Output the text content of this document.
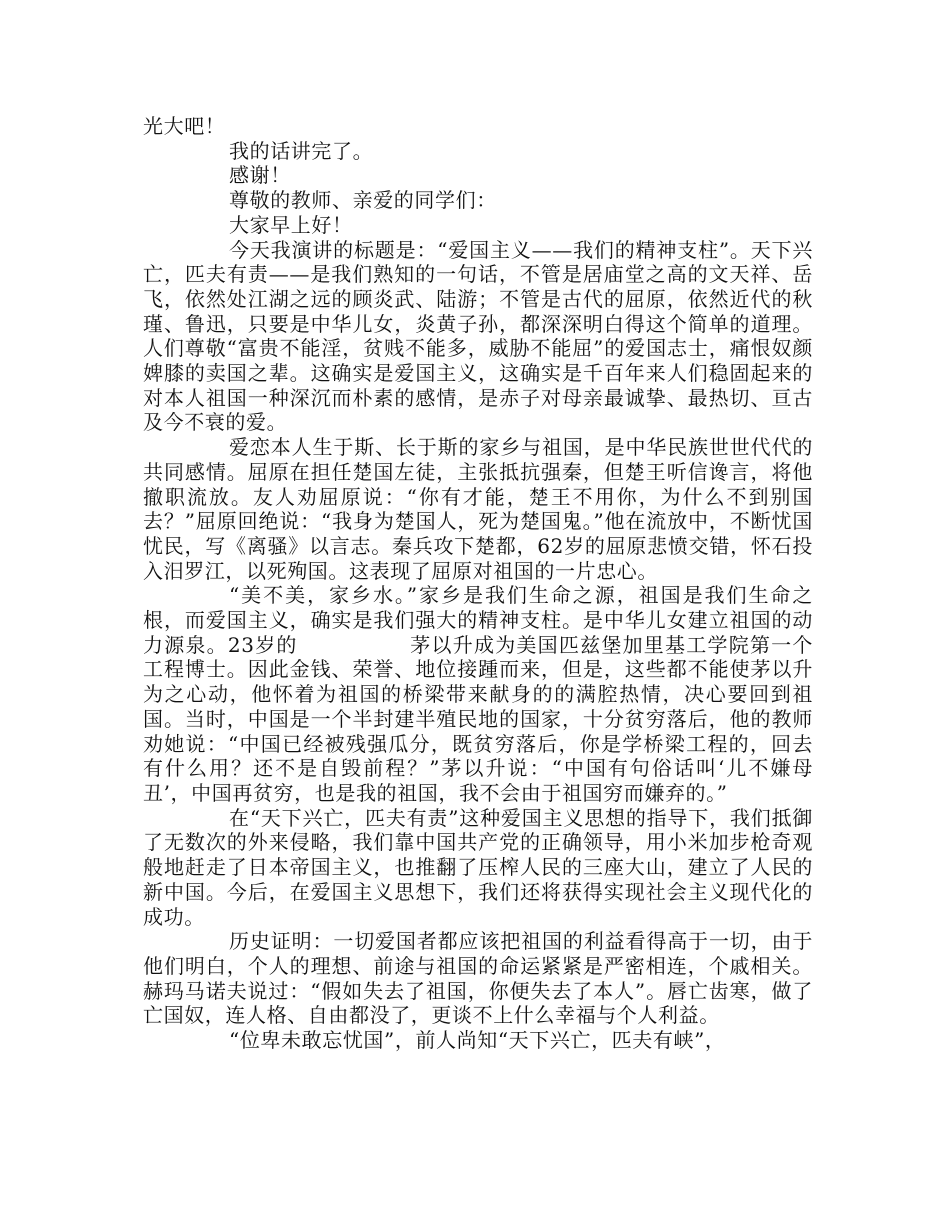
光大吧！

我的话讲完了。

感谢！

尊敬的教师、亲爱的同学们：

大家早上好！

今天我演讲的标题是：“爱国主义——我们的精神支柱”。天下兴亡，匹夫有责——是我们熟知的一句话，不管是居庙堂之高的文天祥、岳飞，依然处江湖之远的顾炎武、陆游；不管是古代的屈原，依然近代的秋瑾、鲁迅，只要是中华儿女，炎黄子孙，都深深明白得这个简单的道理。人们尊敬“富贵不能淫，贫贱不能多，威胁不能屈”的爱国志士，痛恨奴颜婢膝的卖国之辈。这确实是爱国主义，这确实是千百年来人们稳固起来的对本人祖国一种深沉而朴素的感情，是赤子对母亲最诚挚、最热切、亘古及今不衰的爱。

爱恋本人生于斯、长于斯的家乡与祖国，是中华民族世世代代的共同感情。屈原在担任楚国左徒，主张抵抗强秦，但楚王听信谗言，将他撤职流放。友人劝屈原说：“你有才能，楚王不用你，为什么不到别国去？”屈原回绝说：“我身为楚国人，死为楚国鬼。”他在流放中，不断忧国忧民，写《离骚》以言志。秦兵攻下楚都，62岁的屈原悲愤交错，怀石投入汨罗江，以死殉国。这表现了屈原对祖国的一片忠心。

“美不美，家乡水。”家乡是我们生命之源，祖国是我们生命之根，而爱国主义，确实是我们强大的精神支柱。是中华儿女建立祖国的动力源泉。23岁的	茅以升成为美国匹兹堡加里基工学院第一个工程博士。因此金钱、荣誉、地位接踵而来，但是，这些都不能使茅以升为之心动，他怀着为祖国的桥梁带来献身的的满腔热情，决心要回到祖国。当时，中国是一个半封建半殖民地的国家，十分贫穷落后，他的教师劝她说：“中国已经被残强瓜分，既贫穷落后，你是学桥梁工程的，回去有什么用？还不是自毁前程？”茅以升说：“中国有句俗话叫‘儿不嫌母丑’，中国再贫穷，也是我的祖国，我不会由于祖国穷而嫌弃的。”

在“天下兴亡，匹夫有责”这种爱国主义思想的指导下，我们抵御了无数次的外来侵略，我们靠中国共产党的正确领导，用小米加步枪奇观般地赶走了日本帝国主义，也推翻了压榨人民的三座大山，建立了人民的新中国。今后，在爱国主义思想下，我们还将获得实现社会主义现代化的成功。

历史证明：一切爱国者都应该把祖国的利益看得高于一切，由于他们明白，个人的理想、前途与祖国的命运紧紧是严密相连，个戚相关。赫玛马诺夫说过：“假如失去了祖国，你便失去了本人”。唇亡齿寒，做了亡国奴，连人格、自由都没了，更谈不上什么幸福与个人利益。

“位卑未敢忘忧国”，前人尚知“天下兴亡，匹夫有峡”，
